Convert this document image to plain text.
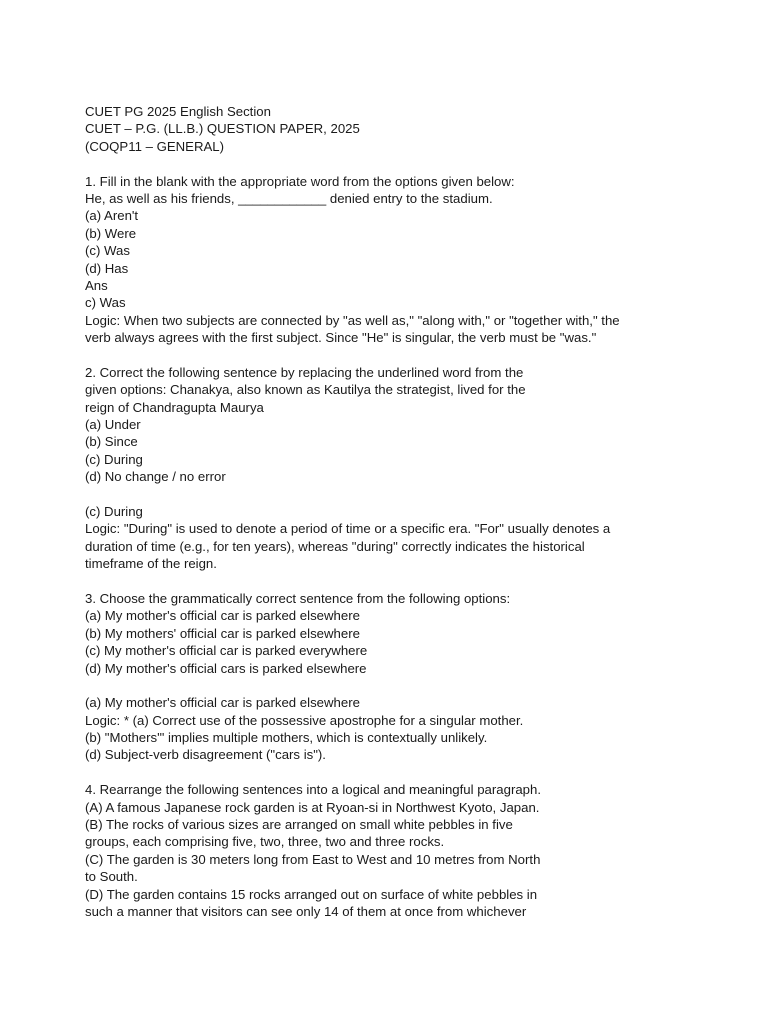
CUET PG 2025 English Section
CUET – P.G. (LL.B.) QUESTION PAPER, 2025
(COQP11 – GENERAL)
1. Fill in the blank with the appropriate word from the options given below:
He, as well as his friends, ____________ denied entry to the stadium.
(a) Aren't
(b) Were
(c) Was
(d) Has
Ans
c) Was
Logic: When two subjects are connected by "as well as," "along with," or "together with," the
verb always agrees with the first subject. Since "He" is singular, the verb must be "was."
2. Correct the following sentence by replacing the underlined word from the
given options: Chanakya, also known as Kautilya the strategist, lived for the
reign of Chandragupta Maurya
(a) Under
(b) Since
(c) During
(d) No change / no error
(c) During
Logic: "During" is used to denote a period of time or a specific era. "For" usually denotes a
duration of time (e.g., for ten years), whereas "during" correctly indicates the historical
timeframe of the reign.
3. Choose the grammatically correct sentence from the following options:
(a) My mother's official car is parked elsewhere
(b) My mothers' official car is parked elsewhere
(c) My mother's official car is parked everywhere
(d) My mother's official cars is parked elsewhere
(a) My mother's official car is parked elsewhere
Logic: * (a) Correct use of the possessive apostrophe for a singular mother.
(b) "Mothers'" implies multiple mothers, which is contextually unlikely.
(d) Subject-verb disagreement ("cars is").
4. Rearrange the following sentences into a logical and meaningful paragraph.
(A) A famous Japanese rock garden is at Ryoan-si in Northwest Kyoto, Japan.
(B) The rocks of various sizes are arranged on small white pebbles in five
groups, each comprising five, two, three, two and three rocks.
(C) The garden is 30 meters long from East to West and 10 metres from North
to South.
(D) The garden contains 15 rocks arranged out on surface of white pebbles in
such a manner that visitors can see only 14 of them at once from whichever
